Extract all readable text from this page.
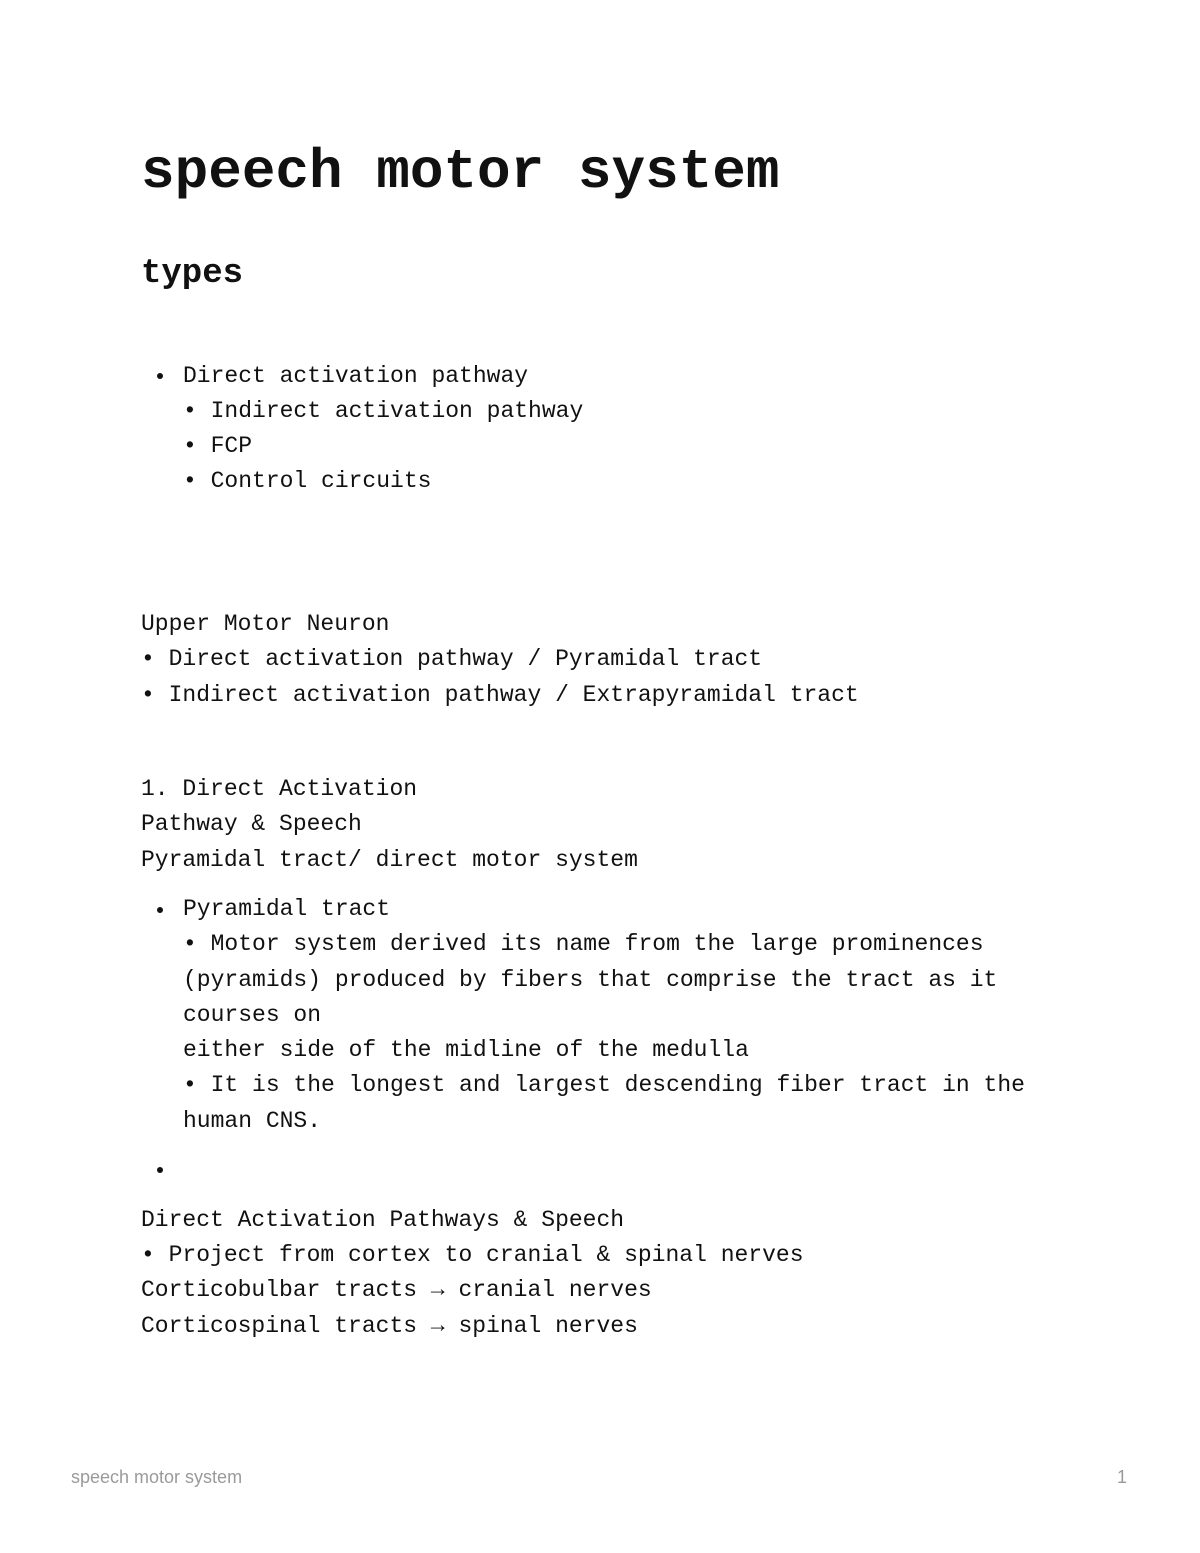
speech motor system
types
Direct activation pathway
• Indirect activation pathway
• FCP
• Control circuits
Upper Motor Neuron
• Direct activation pathway / Pyramidal tract
• Indirect activation pathway / Extrapyramidal tract
1. Direct Activation
Pathway & Speech
Pyramidal tract/ direct motor system
Pyramidal tract
• Motor system derived its name from the large prominences
(pyramids) produced by fibers that comprise the tract as it
courses on
either side of the midline of the medulla
• It is the longest and largest descending fiber tract in the
human CNS.
Direct Activation Pathways & Speech
• Project from cortex to cranial & spinal nerves
Corticobulbar tracts → cranial nerves
Corticospinal tracts → spinal nerves
speech motor system	1
